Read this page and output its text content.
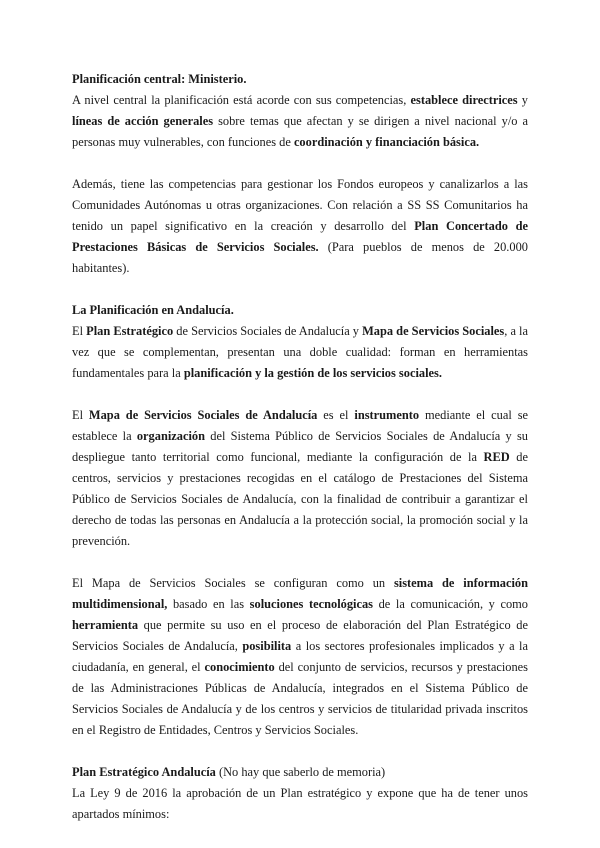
Planificación central: Ministerio.

A nivel central la planificación está acorde con sus competencias, establece directrices y líneas de acción generales sobre temas que afectan y se dirigen a nivel nacional y/o a personas muy vulnerables, con funciones de coordinación y financiación básica.

Además, tiene las competencias para gestionar los Fondos europeos y canalizarlos a las Comunidades Autónomas u otras organizaciones. Con relación a SS SS Comunitarios ha tenido un papel significativo en la creación y desarrollo del Plan Concertado de Prestaciones Básicas de Servicios Sociales. (Para pueblos de menos de 20.000 habitantes).

La Planificación en Andalucía.

El Plan Estratégico de Servicios Sociales de Andalucía y Mapa de Servicios Sociales, a la vez que se complementan, presentan una doble cualidad: forman en herramientas fundamentales para la planificación y la gestión de los servicios sociales.

El Mapa de Servicios Sociales de Andalucía es el instrumento mediante el cual se establece la organización del Sistema Público de Servicios Sociales de Andalucía y su despliegue tanto territorial como funcional, mediante la configuración de la RED de centros, servicios y prestaciones recogidas en el catálogo de Prestaciones del Sistema Público de Servicios Sociales de Andalucía, con la finalidad de contribuir a garantizar el derecho de todas las personas en Andalucía a la protección social, la promoción social y la prevención.

El Mapa de Servicios Sociales se configuran como un sistema de información multidimensional, basado en las soluciones tecnológicas de la comunicación, y como herramienta que permite su uso en el proceso de elaboración del Plan Estratégico de Servicios Sociales de Andalucía, posibilita a los sectores profesionales implicados y a la ciudadanía, en general, el conocimiento del conjunto de servicios, recursos y prestaciones de las Administraciones Públicas de Andalucía, integrados en el Sistema Público de Servicios Sociales de Andalucía y de los centros y servicios de titularidad privada inscritos en el Registro de Entidades, Centros y Servicios Sociales.

Plan Estratégico Andalucía (No hay que saberlo de memoria)

La Ley 9 de 2016 la aprobación de un Plan estratégico y expone que ha de tener unos apartados mínimos:
